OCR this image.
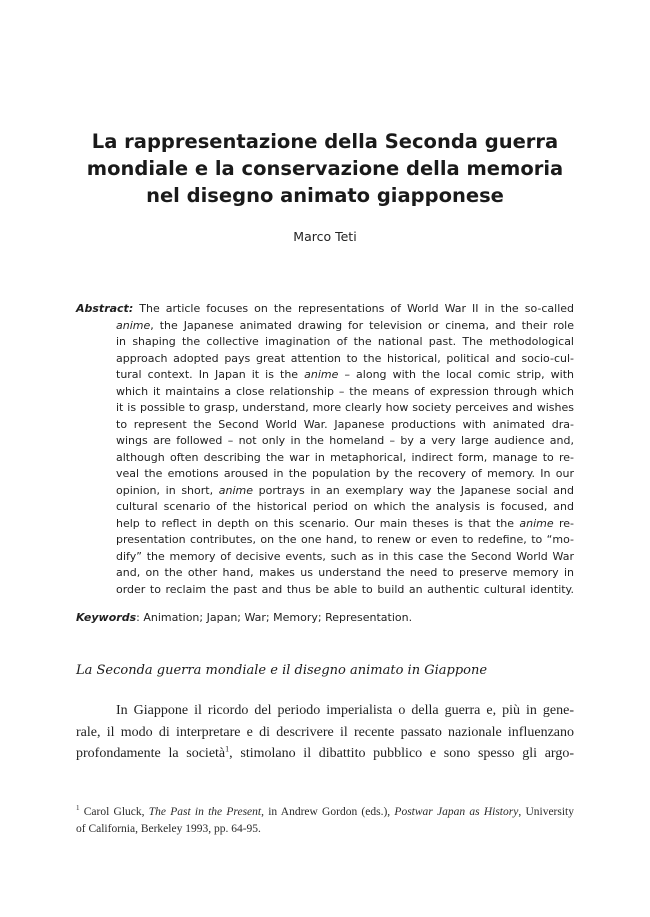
La rappresentazione della Seconda guerra
mondiale e la conservazione della memoria
nel disegno animato giapponese
Marco Teti
Abstract: The article focuses on the representations of World War II in the so-called
anime, the Japanese animated drawing for television or cinema, and their role
in shaping the collective imagination of the national past. The methodological
approach adopted pays great attention to the historical, political and socio-cul-
tural context. In Japan it is the anime – along with the local comic strip, with
which it maintains a close relationship – the means of expression through which
it is possible to grasp, understand, more clearly how society perceives and wishes
to represent the Second World War. Japanese productions with animated dra-
wings are followed – not only in the homeland – by a very large audience and,
although often describing the war in metaphorical, indirect form, manage to re-
veal the emotions aroused in the population by the recovery of memory. In our
opinion, in short, anime portrays in an exemplary way the Japanese social and
cultural scenario of the historical period on which the analysis is focused, and
help to reflect in depth on this scenario. Our main theses is that the anime re-
presentation contributes, on the one hand, to renew or even to redefine, to “mo-
dify” the memory of decisive events, such as in this case the Second World War
and, on the other hand, makes us understand the need to preserve memory in
order to reclaim the past and thus be able to build an authentic cultural identity.
Keywords: Animation; Japan; War; Memory; Representation.
La Seconda guerra mondiale e il disegno animato in Giappone
In Giappone il ricordo del periodo imperialista o della guerra e, più in gene-
rale, il modo di interpretare e di descrivere il recente passato nazionale influenzano
profondamente la società$^1$, stimolano il dibattito pubblico e sono spesso gli argo-
$^1$ Carol Gluck, The Past in the Present, in Andrew Gordon (eds.), Postwar Japan as History, University
of California, Berkeley 1993, pp. 64-95.
